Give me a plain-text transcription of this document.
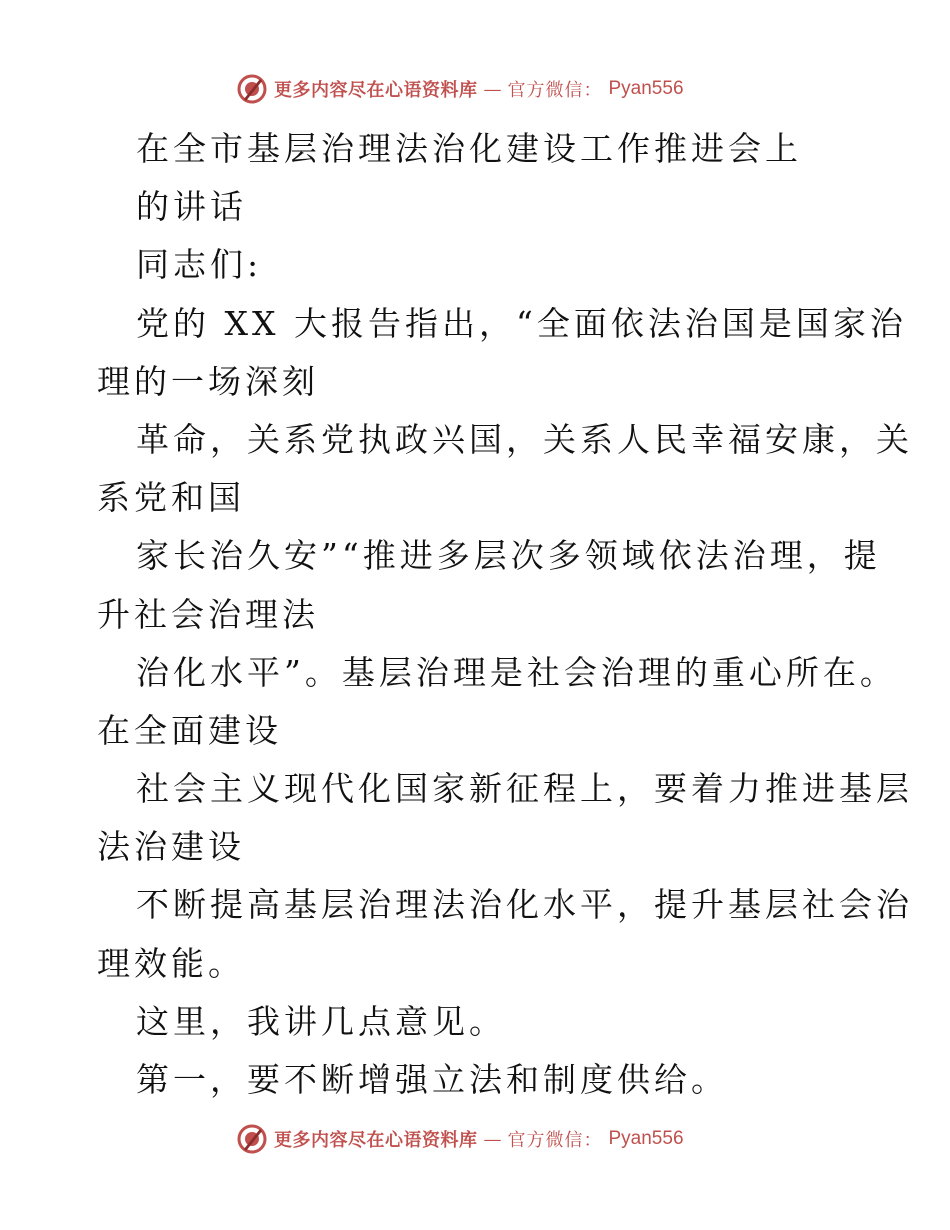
更多内容尽在心语资料库 — 官方微信： Pyan556
在全市基层治理法治化建设工作推进会上
的讲话
同志们:
党的 XX 大报告指出，“全面依法治国是国家治
理的一场深刻
革命，关系党执政兴国，关系人民幸福安康，关
系党和国
家长治久安”“推进多层次多领域依法治理，提
升社会治理法
治化水平”。基层治理是社会治理的重心所在。
在全面建设
社会主义现代化国家新征程上，要着力推进基层
法治建设
不断提高基层治理法治化水平，提升基层社会治
理效能。
这里，我讲几点意见。
第一，要不断增强立法和制度供给。
更多内容尽在心语资料库 — 官方微信： Pyan556
